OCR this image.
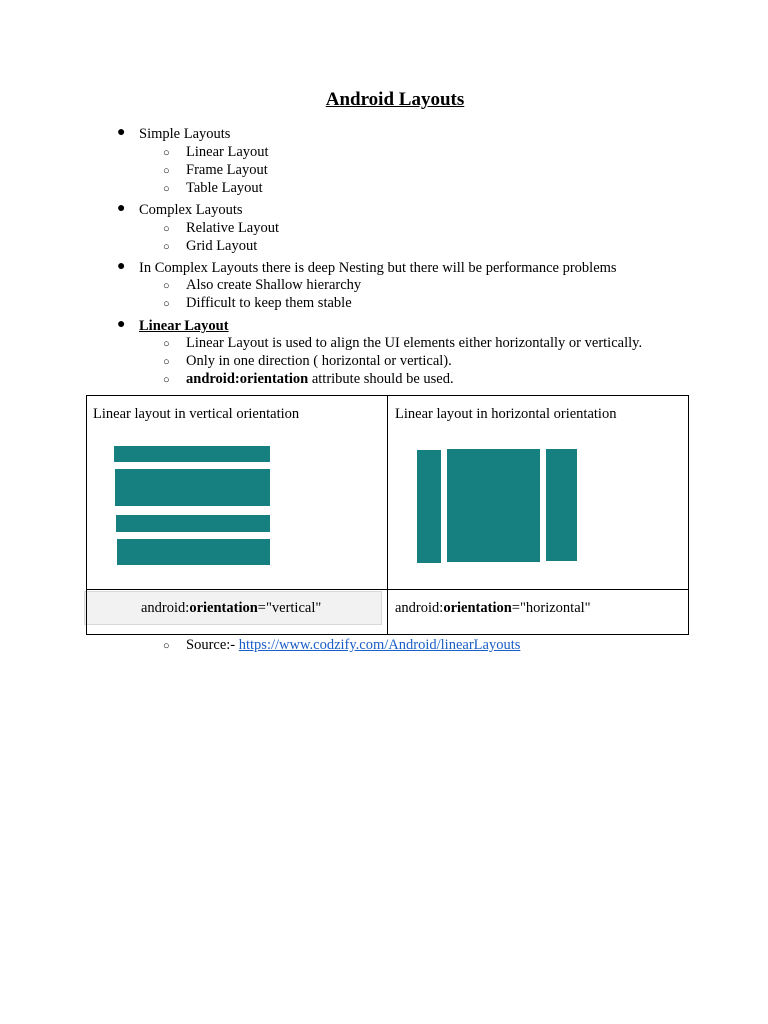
Android Layouts
● Simple Layouts
○ Linear Layout
○ Frame Layout
○ Table Layout
● Complex Layouts
○ Relative Layout
○ Grid Layout
● In Complex Layouts there is deep Nesting but there will be performance problems
○ Also create Shallow hierarchy
○ Difficult to keep them stable
● Linear Layout
○ Linear Layout is used to align the UI elements either horizontally or vertically.
○ Only in one direction ( horizontal or vertical).
○ android:orientation attribute should be used.
Linear layout in vertical orientation	Linear layout in horizontal orientation
android:orientation="vertical"	android:orientation="horizontal"
○ Source:- https://www.codzify.com/Android/linearLayouts
